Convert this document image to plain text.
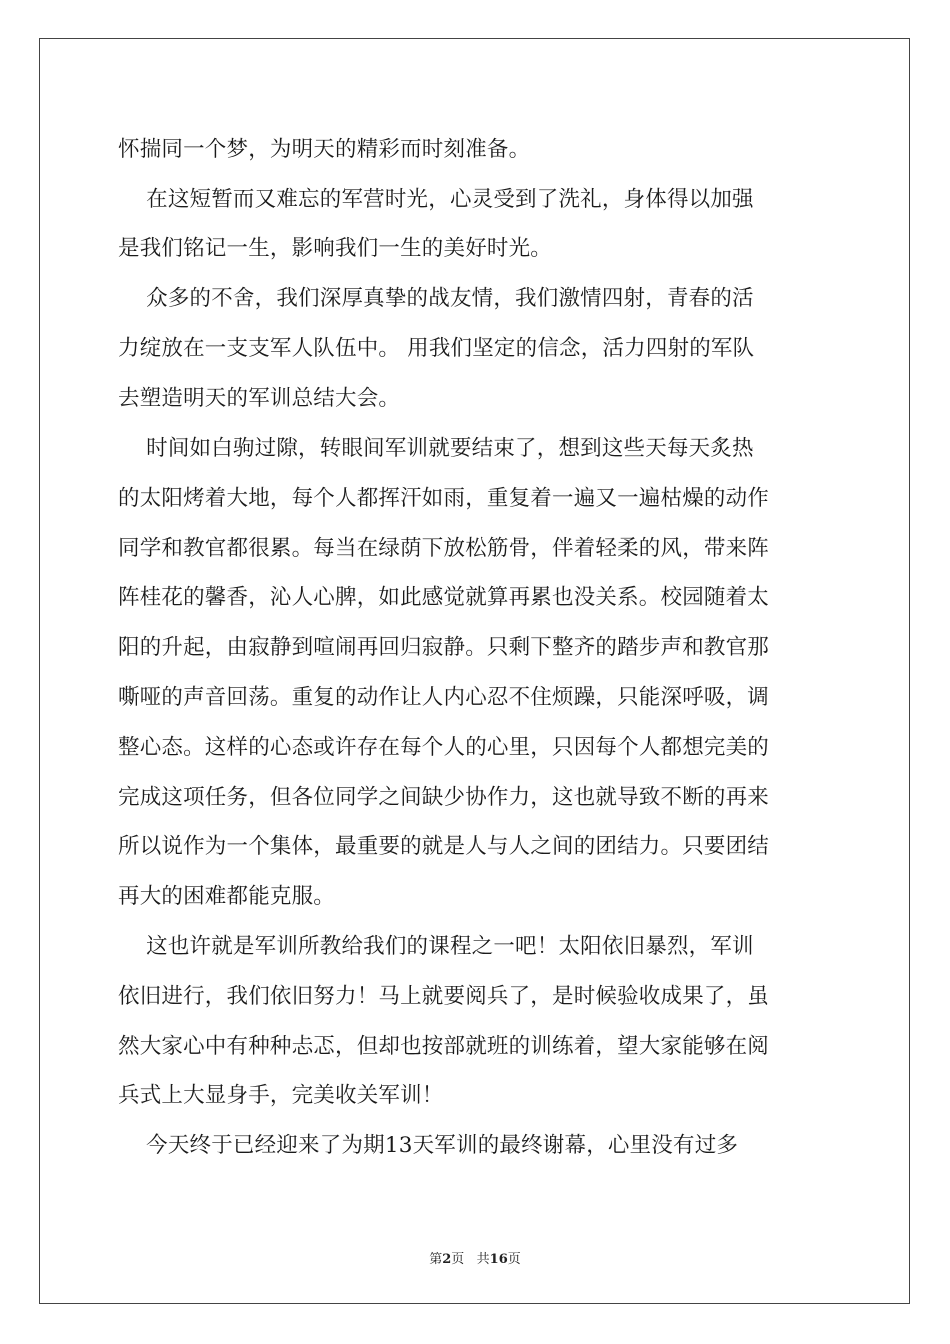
怀揣同一个梦，为明天的精彩而时刻准备。
在这短暂而又难忘的军营时光，心灵受到了洗礼，身体得以加强
是我们铭记一生，影响我们一生的美好时光。
众多的不舍，我们深厚真挚的战友情，我们激情四射，青春的活
力绽放在一支支军人队伍中。 用我们坚定的信念，活力四射的军队
去塑造明天的军训总结大会。
时间如白驹过隙，转眼间军训就要结束了，想到这些天每天炙热
的太阳烤着大地，每个人都挥汗如雨，重复着一遍又一遍枯燥的动作
同学和教官都很累。每当在绿荫下放松筋骨，伴着轻柔的风，带来阵
阵桂花的馨香，沁人心脾，如此感觉就算再累也没关系。校园随着太
阳的升起，由寂静到喧闹再回归寂静。只剩下整齐的踏步声和教官那
嘶哑的声音回荡。重复的动作让人内心忍不住烦躁，只能深呼吸，调
整心态。这样的心态或许存在每个人的心里，只因每个人都想完美的
完成这项任务，但各位同学之间缺少协作力，这也就导致不断的再来
所以说作为一个集体，最重要的就是人与人之间的团结力。只要团结
再大的困难都能克服。
这也许就是军训所教给我们的课程之一吧！太阳依旧暴烈，军训
依旧进行，我们依旧努力！马上就要阅兵了，是时候验收成果了，虽
然大家心中有种种忐忑，但却也按部就班的训练着，望大家能够在阅
兵式上大显身手，完美收关军训！
今天终于已经迎来了为期13天军训的最终谢幕，心里没有过多
第2页   共16页
